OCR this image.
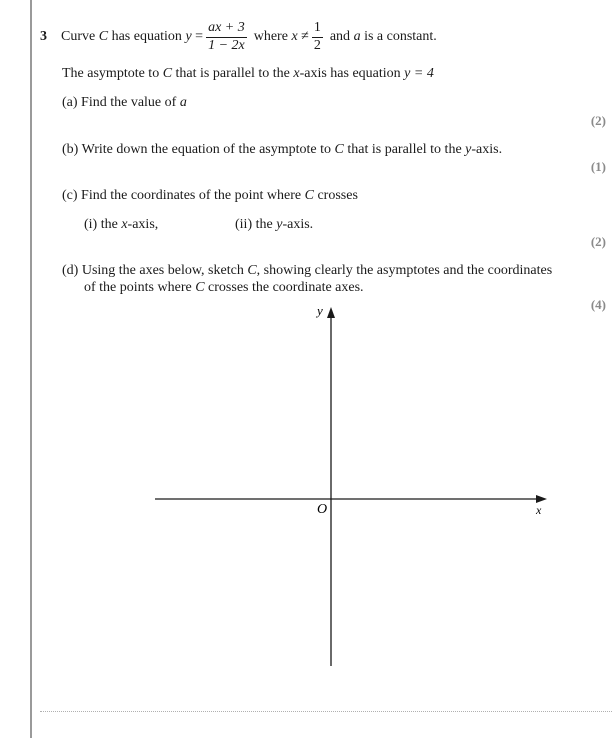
3 Curve
C
has equation
y
= $\frac{ax + 3}{1 - 2x}$ where
x
≠ $\frac{1}{2}$ and
a
is a constant.
The asymptote to C that is parallel to the x-axis has equation y = 4
(a) Find the value of a
(2)
(b) Write down the equation of the asymptote to C that is parallel to the y-axis.
(1)
(c) Find the coordinates of the point where C crosses
(i) the x-axis,	(ii) the y-axis.
(2)
(d) Using the axes below, sketch C, showing clearly the asymptotes and the coordinates
of the points where C crosses the coordinate axes.
(4)
y
x
O
